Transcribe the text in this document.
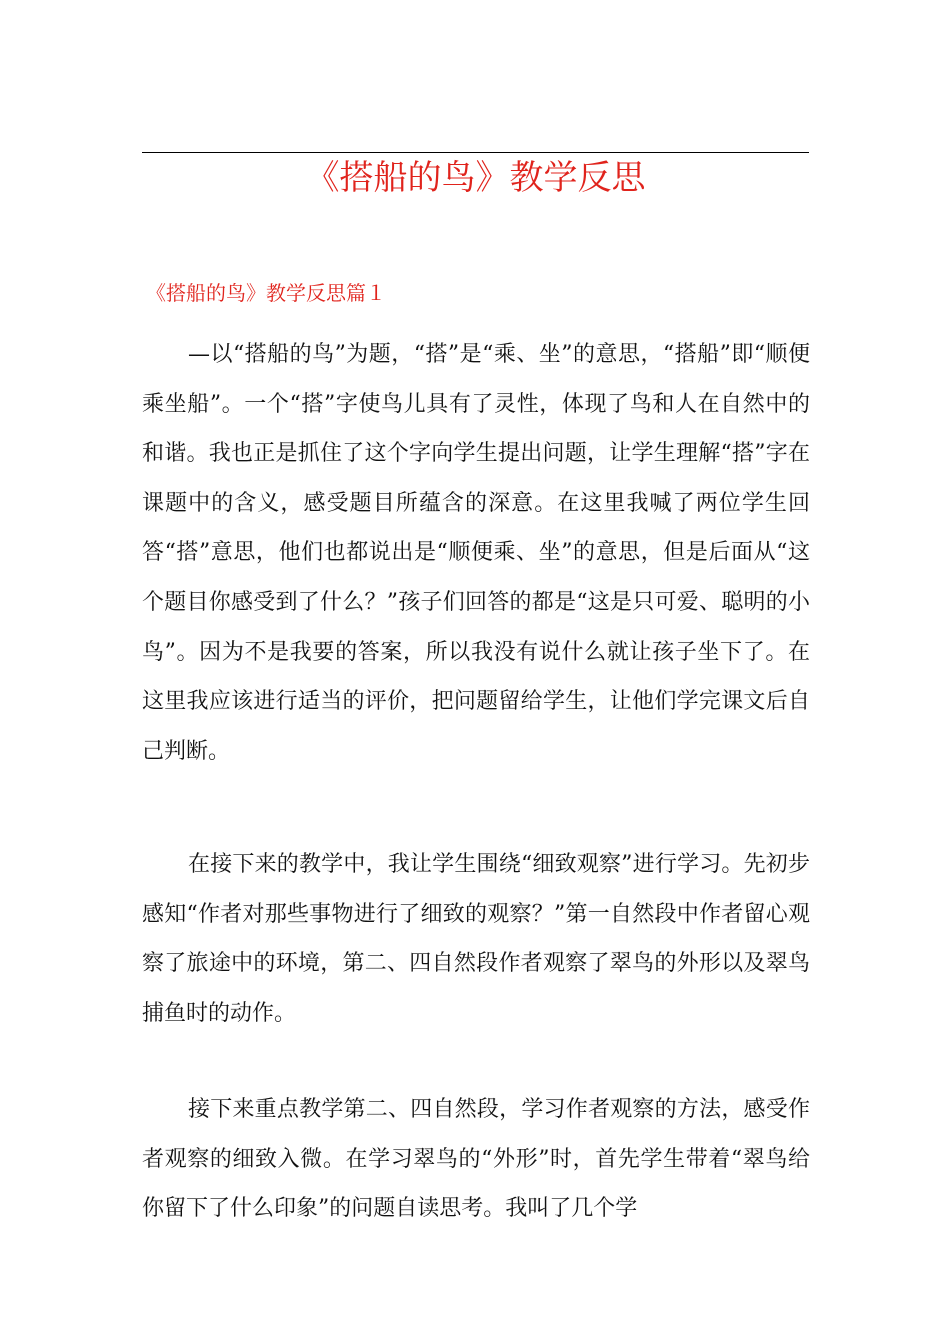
《搭船的鸟》教学反思
《搭船的鸟》教学反思篇１

—以“搭船的鸟”为题，“搭”是“乘、坐”的意思，“搭船”即“顺便乘坐船”。一个“搭”字使鸟儿具有了灵性，体现了鸟和人在自然中的和谐。我也正是抓住了这个字向学生提出问题，让学生理解“搭”字在课题中的含义，感受题目所蕴含的深意。在这里我喊了两位学生回答“搭”意思，他们也都说出是“顺便乘、坐”的意思，但是后面从“这个题目你感受到了什么？”孩子们回答的都是“这是只可爱、聪明的小鸟”。因为不是我要的答案，所以我没有说什么就让孩子坐下了。在这里我应该进行适当的评价，把问题留给学生，让他们学完课文后自己判断。

在接下来的教学中，我让学生围绕“细致观察”进行学习。先初步感知“作者对那些事物进行了细致的观察？”第一自然段中作者留心观察了旅途中的环境，第二、四自然段作者观察了翠鸟的外形以及翠鸟捕鱼时的动作。

接下来重点教学第二、四自然段，学习作者观察的方法，感受作者观察的细致入微。在学习翠鸟的“外形”时，首先学生带着“翠鸟给你留下了什么印象”的问题自读思考。我叫了几个学
